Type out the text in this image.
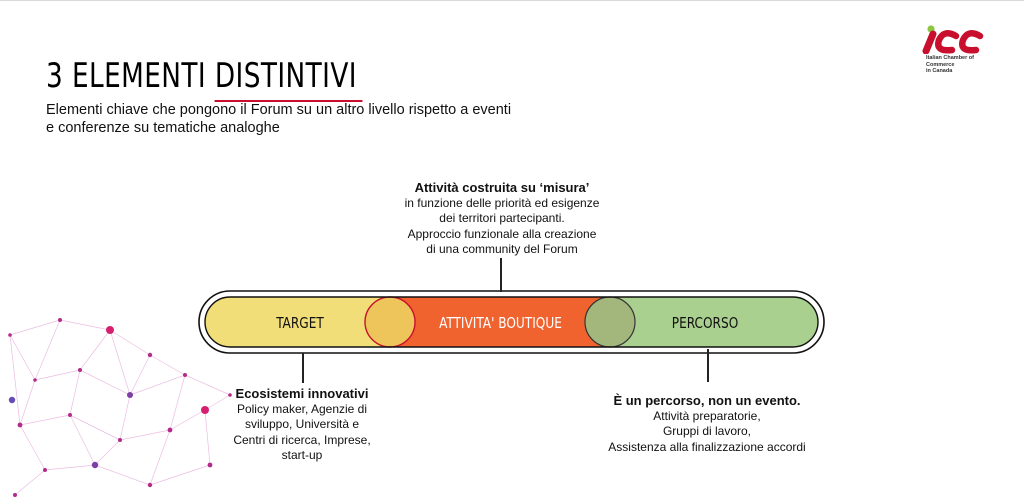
3 ELEMENTI DISTINTIVI
Elementi chiave che pongono il Forum su un altro livello rispetto a eventi e conferenze su tematiche analoghe
Italian Chamber of Commerce
in Canada
TARGET	ATTIVITA' BOUTIQUE	PERCORSO
Attività costruita su ‘misura’
in funzione delle priorità ed esigenze
dei territori partecipanti.
Approccio funzionale alla creazione
di una community del Forum
Ecosistemi innovativi
Policy maker, Agenzie di
sviluppo, Università e
Centri di ricerca, Imprese,
start-up
È un percorso, non un evento.
Attività preparatorie,
Gruppi di lavoro,
Assistenza alla finalizzazione accordi
